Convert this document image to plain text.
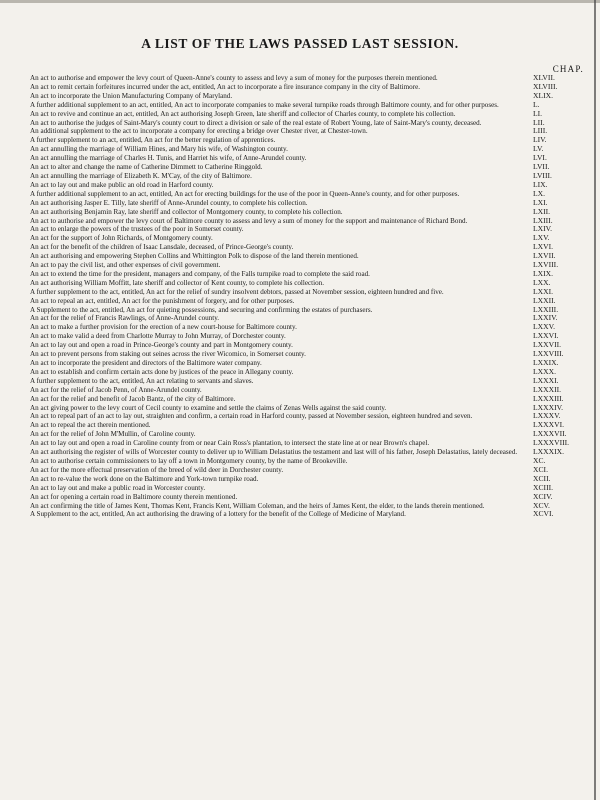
A LIST OF THE LAWS PASSED LAST SESSION.
CHAP.
An act to authorise and empower the levy court of Queen-Anne's county to assess and levy a sum of money for the purposes therein mentioned.	XLVII.
An act to remit certain forfeitures incurred under the act, entitled, An act to incorporate a fire insurance company in the city of Baltimore.	XLVIII.
An act to incorporate the Union Manufacturing Company of Maryland.	XLIX.
A further additional supplement to an act, entitled, An act to incorporate companies to make several turnpike roads through Baltimore county, and for other purposes.	L.
An act to revive and continue an act, entitled, An act authorising Joseph Green, late sheriff and collector of Charles county, to complete his collection.	LI.
An act to authorise the judges of Saint-Mary's county court to direct a division or sale of the real estate of Robert Young, late of Saint-Mary's county, deceased.	LII.
An additional supplement to the act to incorporate a company for erecting a bridge over Chester river, at Chester-town.	LIII.
A further supplement to an act, entitled, An act for the better regulation of apprentices.	LIV.
An act annulling the marriage of William Hines, and Mary his wife, of Washington county.	LV.
An act annulling the marriage of Charles H. Tunis, and Harriet his wife, of Anne-Arundel county.	LVI.
An act to alter and change the name of Catherine Dimmett to Catherine Ringgold.	LVII.
An act annulling the marriage of Elizabeth K. M'Cay, of the city of Baltimore.	LVIII.
An act to lay out and make public an old road in Harford county.	LIX.
A further additional supplement to an act, entitled, An act for erecting buildings for the use of the poor in Queen-Anne's county, and for other purposes.	LX.
An act authorising Jasper E. Tilly, late sheriff of Anne-Arundel county, to complete his collection.	LXI.
An act authorising Benjamin Ray, late sheriff and collector of Montgomery county, to complete his collection.	LXII.
An act to authorise and empower the levy court of Baltimore county to assess and levy a sum of money for the support and maintenance of Richard Bond.	LXIII.
An act to enlarge the powers of the trustees of the poor in Somerset county.	LXIV.
An act for the support of John Richards, of Montgomery county.	LXV.
An act for the benefit of the children of Isaac Lansdale, deceased, of Prince-George's county.	LXVI.
An act authorising and empowering Stephen Collins and Whittington Polk to dispose of the land therein mentioned.	LXVII.
An act to pay the civil list, and other expenses of civil government.	LXVIII.
An act to extend the time for the president, managers and company, of the Falls turnpike road to complete the said road.	LXIX.
An act authorising William Moffitt, late sheriff and collector of Kent county, to complete his collection.	LXX.
A further supplement to the act, entitled, An act for the relief of sundry insolvent debtors, passed at November session, eighteen hundred and five.	LXXI.
An act to repeal an act, entitled, An act for the punishment of forgery, and for other purposes.	LXXII.
A Supplement to the act, entitled, An act for quieting possessions, and securing and confirming the estates of purchasers.	LXXIII.
An act for the relief of Francis Rawlings, of Anne-Arundel county.	LXXIV.
An act to make a further provision for the erection of a new court-house for Baltimore county.	LXXV.
An act to make valid a deed from Charlotte Murray to John Murray, of Dorchester county.	LXXVI.
An act to lay out and open a road in Prince-George's county and part in Montgomery county.	LXXVII.
An act to prevent persons from staking out seines across the river Wicomico, in Somerset county.	LXXVIII.
An act to incorporate the president and directors of the Baltimore water company.	LXXIX.
An act to establish and confirm certain acts done by justices of the peace in Allegany county.	LXXX.
A further supplement to the act, entitled, An act relating to servants and slaves.	LXXXI.
An act for the relief of Jacob Penn, of Anne-Arundel county.	LXXXII.
An act for the relief and benefit of Jacob Bantz, of the city of Baltimore.	LXXXIII.
An act giving power to the levy court of Cecil county to examine and settle the claims of Zenas Wells against the said county.	LXXXIV.
An act to repeal part of an act to lay out, straighten and confirm, a certain road in Harford county, passed at November session, eighteen hundred and seven.	LXXXV.
An act to repeal the act therein mentioned.	LXXXVI.
An act for the relief of John M'Mullin, of Caroline county.	LXXXVII.
An act to lay out and open a road in Caroline county from or near Cain Ross's plantation, to intersect the state line at or near Brown's chapel.	LXXXVIII.
An act authorising the register of wills of Worcester county to deliver up to William Delastatius the testament and last will of his father, Joseph Delastatius, lately deceased.	LXXXIX.
An act to authorise certain commissioners to lay off a town in Montgomery county, by the name of Brookeville.	XC.
An act for the more effectual preservation of the breed of wild deer in Dorchester county.	XCI.
An act to re-value the work done on the Baltimore and York-town turnpike road.	XCII.
An act to lay out and make a public road in Worcester county.	XCIII.
An act for opening a certain road in Baltimore county therein mentioned.	XCIV.
An act confirming the title of James Kent, Thomas Kent, Francis Kent, William Coleman, and the heirs of James Kent, the elder, to the lands therein mentioned.	XCV.
A Supplement to the act, entitled, An act authorising the drawing of a lottery for the benefit of the College of Medicine of Maryland.	XCVI.
